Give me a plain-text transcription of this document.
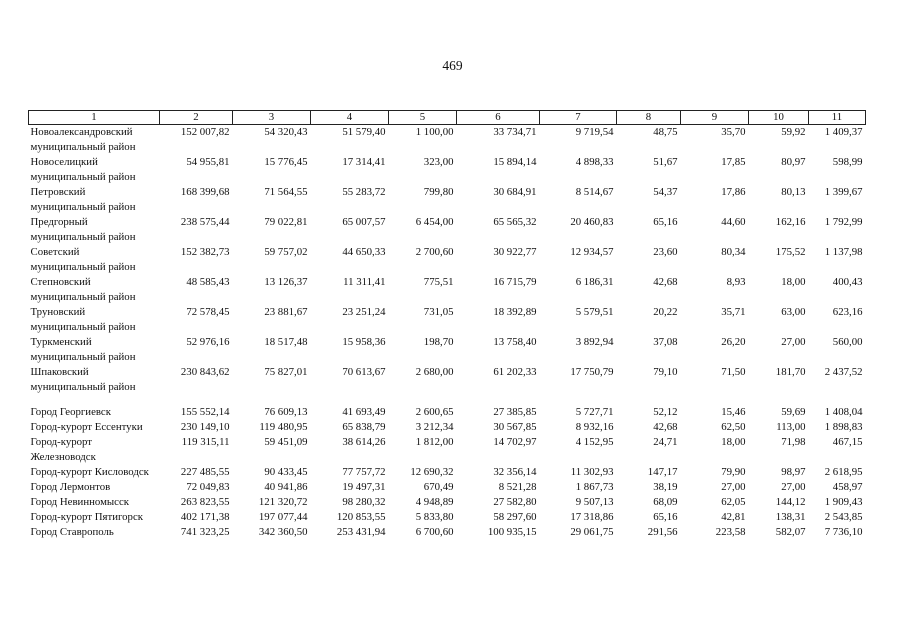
469
1	2	3	4	5	6	7	8	9	10	11
Новоалександровский муниципальный район	152 007,82	54 320,43	51 579,40	1 100,00	33 734,71	9 719,54	48,75	35,70	59,92	1 409,37
Новоселицкий муниципальный район	54 955,81	15 776,45	17 314,41	323,00	15 894,14	4 898,33	51,67	17,85	80,97	598,99
Петровский муниципальный район	168 399,68	71 564,55	55 283,72	799,80	30 684,91	8 514,67	54,37	17,86	80,13	1 399,67
Предгорный муниципальный район	238 575,44	79 022,81	65 007,57	6 454,00	65 565,32	20 460,83	65,16	44,60	162,16	1 792,99
Советский муниципальный район	152 382,73	59 757,02	44 650,33	2 700,60	30 922,77	12 934,57	23,60	80,34	175,52	1 137,98
Степновский муниципальный район	48 585,43	13 126,37	11 311,41	775,51	16 715,79	6 186,31	42,68	8,93	18,00	400,43
Труновский муниципальный район	72 578,45	23 881,67	23 251,24	731,05	18 392,89	5 579,51	20,22	35,71	63,00	623,16
Туркменский муниципальный район	52 976,16	18 517,48	15 958,36	198,70	13 758,40	3 892,94	37,08	26,20	27,00	560,00
Шпаковский муниципальный район	230 843,62	75 827,01	70 613,67	2 680,00	61 202,33	17 750,79	79,10	71,50	181,70	2 437,52

Город Георгиевск	155 552,14	76 609,13	41 693,49	2 600,65	27 385,85	5 727,71	52,12	15,46	59,69	1 408,04
Город-курорт Ессентуки	230 149,10	119 480,95	65 838,79	3 212,34	30 567,85	8 932,16	42,68	62,50	113,00	1 898,83
Город-курорт Железноводск	119 315,11	59 451,09	38 614,26	1 812,00	14 702,97	4 152,95	24,71	18,00	71,98	467,15
Город-курорт Кисловодск	227 485,55	90 433,45	77 757,72	12 690,32	32 356,14	11 302,93	147,17	79,90	98,97	2 618,95
Город Лермонтов	72 049,83	40 941,86	19 497,31	670,49	8 521,28	1 867,73	38,19	27,00	27,00	458,97
Город Невинномысск	263 823,55	121 320,72	98 280,32	4 948,89	27 582,80	9 507,13	68,09	62,05	144,12	1 909,43
Город-курорт Пятигорск	402 171,38	197 077,44	120 853,55	5 833,80	58 297,60	17 318,86	65,16	42,81	138,31	2 543,85
Город Ставрополь	741 323,25	342 360,50	253 431,94	6 700,60	100 935,15	29 061,75	291,56	223,58	582,07	7 736,10
